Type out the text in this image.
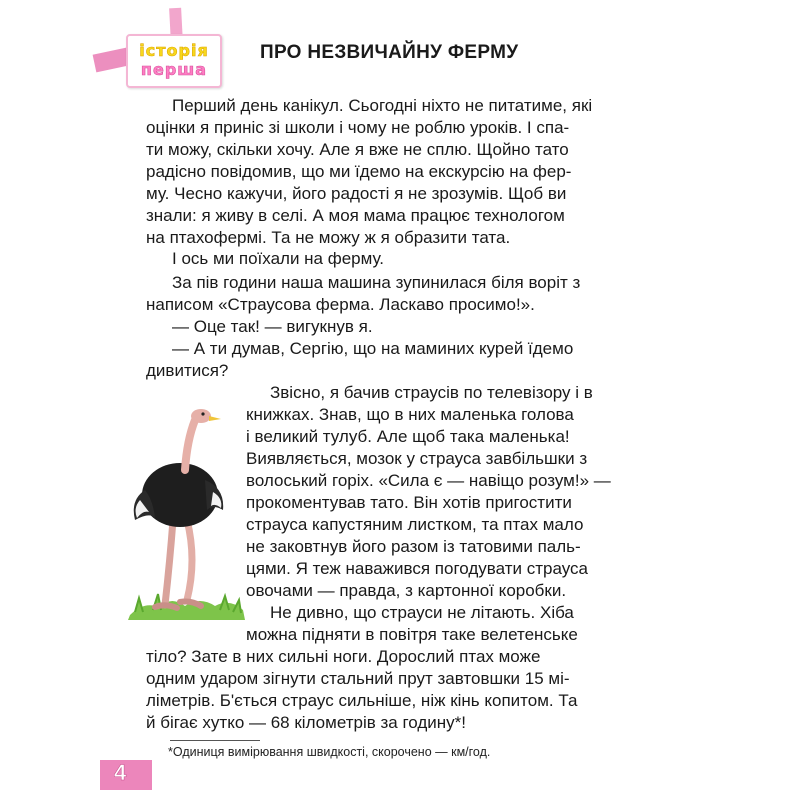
історія
перша
ПРО НЕЗВИЧАЙНУ ФЕРМУ
Перший день канікул. Сьогодні ніхто не питатиме, які
оцінки я приніс зі школи і чому не роблю уроків. І спа-
ти можу, скільки хочу. Але я вже не сплю. Щойно тато
радісно повідомив, що ми їдемо на екскурсію на фер-
му. Чесно кажучи, його радості я не зрозумів. Щоб ви
знали: я живу в селі. А моя мама працює технологом
на птахофермі. Та не можу ж я образити тата.
І ось ми поїхали на ферму.
За пів години наша машина зупинилася біля воріт з
написом «Страусова ферма. Ласкаво просимо!».
— Оце так! — вигукнув я.
— А ти думав, Сергію, що на маминих курей їдемо
дивитися?
Звісно, я бачив страусів по телевізору і в
книжках. Знав, що в них маленька голова
і великий тулуб. Але щоб така маленька!
Виявляється, мозок у страуса завбільшки з
волоський горіх. «Сила є — навіщо розум!» —
прокоментував тато. Він хотів пригостити
страуса капустяним листком, та птах мало
не заковтнув його разом із татовими паль-
цями. Я теж наважився погодувати страуса
овочами — правда, з картонної коробки.
Не дивно, що страуси не літають. Хіба
можна підняти в повітря таке велетенське
тіло? Зате в них сильні ноги. Дорослий птах може
одним ударом зігнути стальний прут завтовшки 15 мі-
ліметрів. Б'ється страус сильніше, ніж кінь копитом. Та
й бігає хутко — 68 кілометрів за годину*!
*Одиниця вимірювання швидкості, скорочено — км/год.
4
